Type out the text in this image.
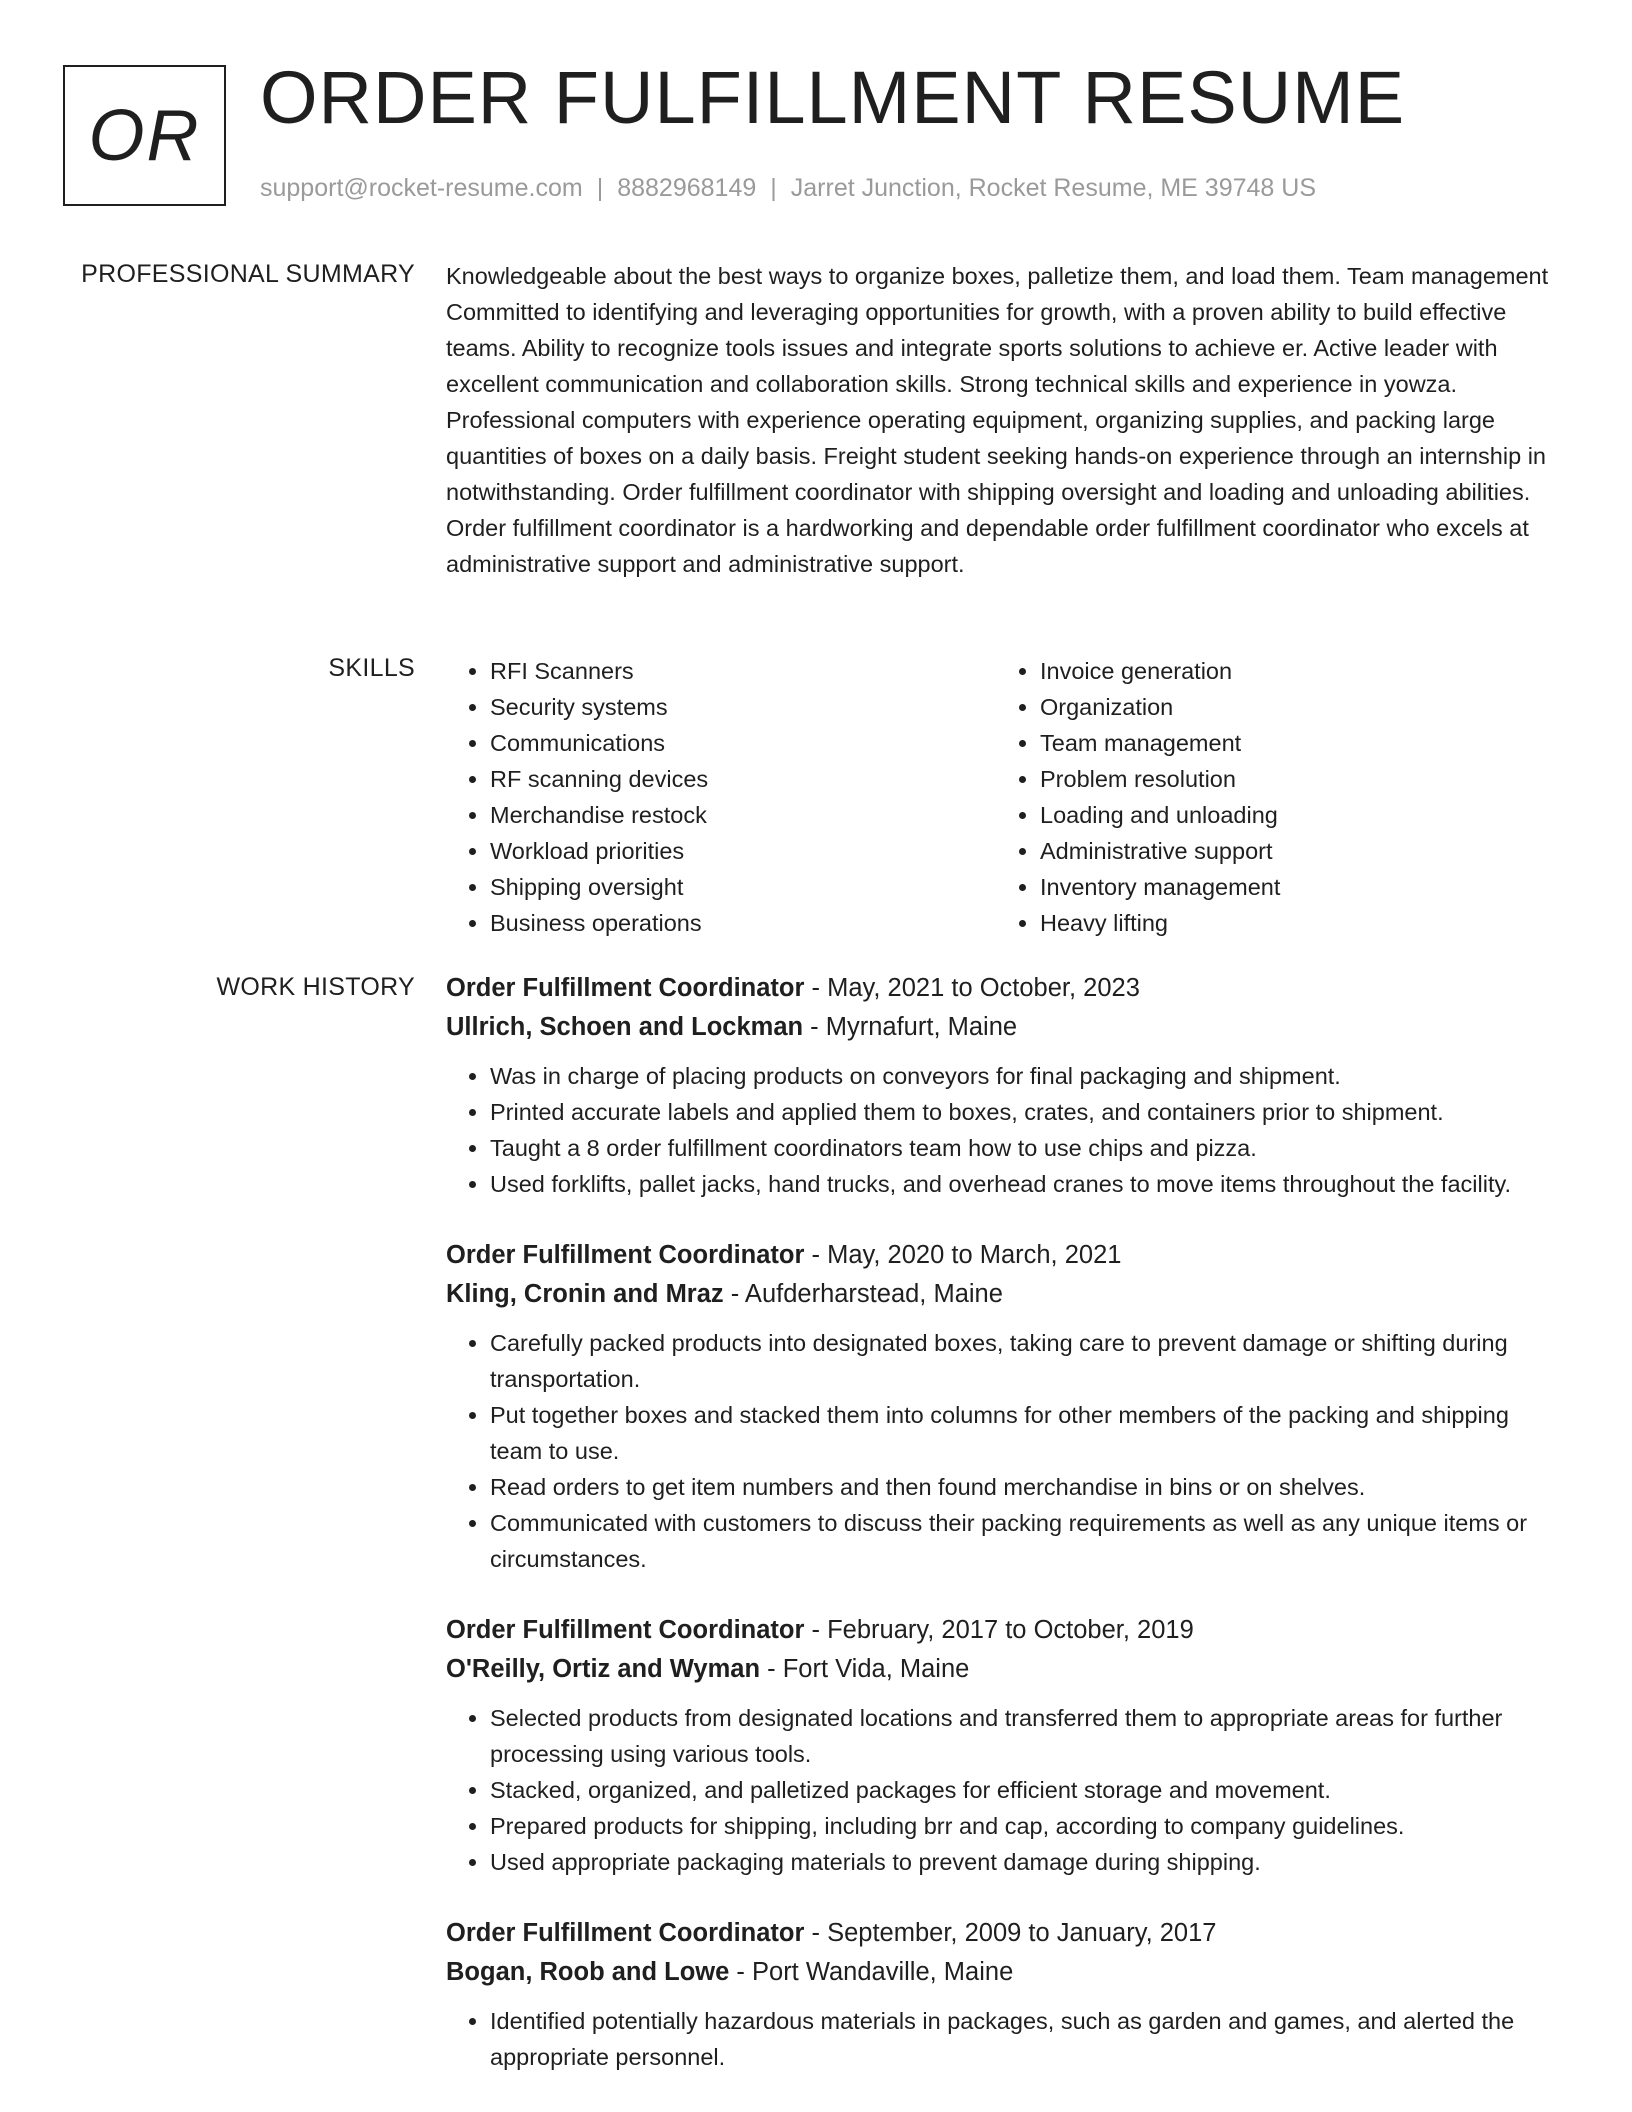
OR ORDER FULFILLMENT RESUME
support@rocket-resume.com | 8882968149 | Jarret Junction, Rocket Resume, ME 39748 US
PROFESSIONAL SUMMARY Knowledgeable about the best ways to organize boxes, palletize them, and load them. Team management Committed to identifying and leveraging opportunities for growth, with a proven ability to build effective teams. Ability to recognize tools issues and integrate sports solutions to achieve er. Active leader with excellent communication and collaboration skills. Strong technical skills and experience in yowza. Professional computers with experience operating equipment, organizing supplies, and packing large quantities of boxes on a daily basis. Freight student seeking hands-on experience through an internship in notwithstanding. Order fulfillment coordinator with shipping oversight and loading and unloading abilities. Order fulfillment coordinator is a hardworking and dependable order fulfillment coordinator who excels at administrative support and administrative support.

SKILLS
•	RFI Scanners
• Security systems
• Communications
• RF scanning devices
• Merchandise restock
• Workload priorities
• Shipping oversight
• Business operations
• Invoice generation
• Organization
• Team management
• Problem resolution
• Loading and unloading
• Administrative support
• Inventory management
• Heavy lifting
WORK HISTORY Order Fulfillment Coordinator - May, 2021 to October, 2023
Ullrich, Schoen and Lockman - Myrnafurt, Maine
• Was in charge of placing products on conveyors for final packaging and shipment.
• Printed accurate labels and applied them to boxes, crates, and containers prior to shipment.
• Taught a 8 order fulfillment coordinators team how to use chips and pizza.
• Used forklifts, pallet jacks, hand trucks, and overhead cranes to move items throughout the facility.
Order Fulfillment Coordinator - May, 2020 to March, 2021
Kling, Cronin and Mraz - Aufderharstead, Maine
• Carefully packed products into designated boxes, taking care to prevent damage or shifting during transportation.
• Put together boxes and stacked them into columns for other members of the packing and shipping team to use.
• Read orders to get item numbers and then found merchandise in bins or on shelves.
• Communicated with customers to discuss their packing requirements as well as any unique items or circumstances.
Order Fulfillment Coordinator - February, 2017 to October, 2019
O'Reilly, Ortiz and Wyman - Fort Vida, Maine
• Selected products from designated locations and transferred them to appropriate areas for further processing using various tools.
• Stacked, organized, and palletized packages for efficient storage and movement.
• Prepared products for shipping, including brr and cap, according to company guidelines.
• Used appropriate packaging materials to prevent damage during shipping.
Order Fulfillment Coordinator - September, 2009 to January, 2017
Bogan, Roob and Lowe - Port Wandaville, Maine
• Identified potentially hazardous materials in packages, such as garden and games, and alerted the appropriate personnel.
